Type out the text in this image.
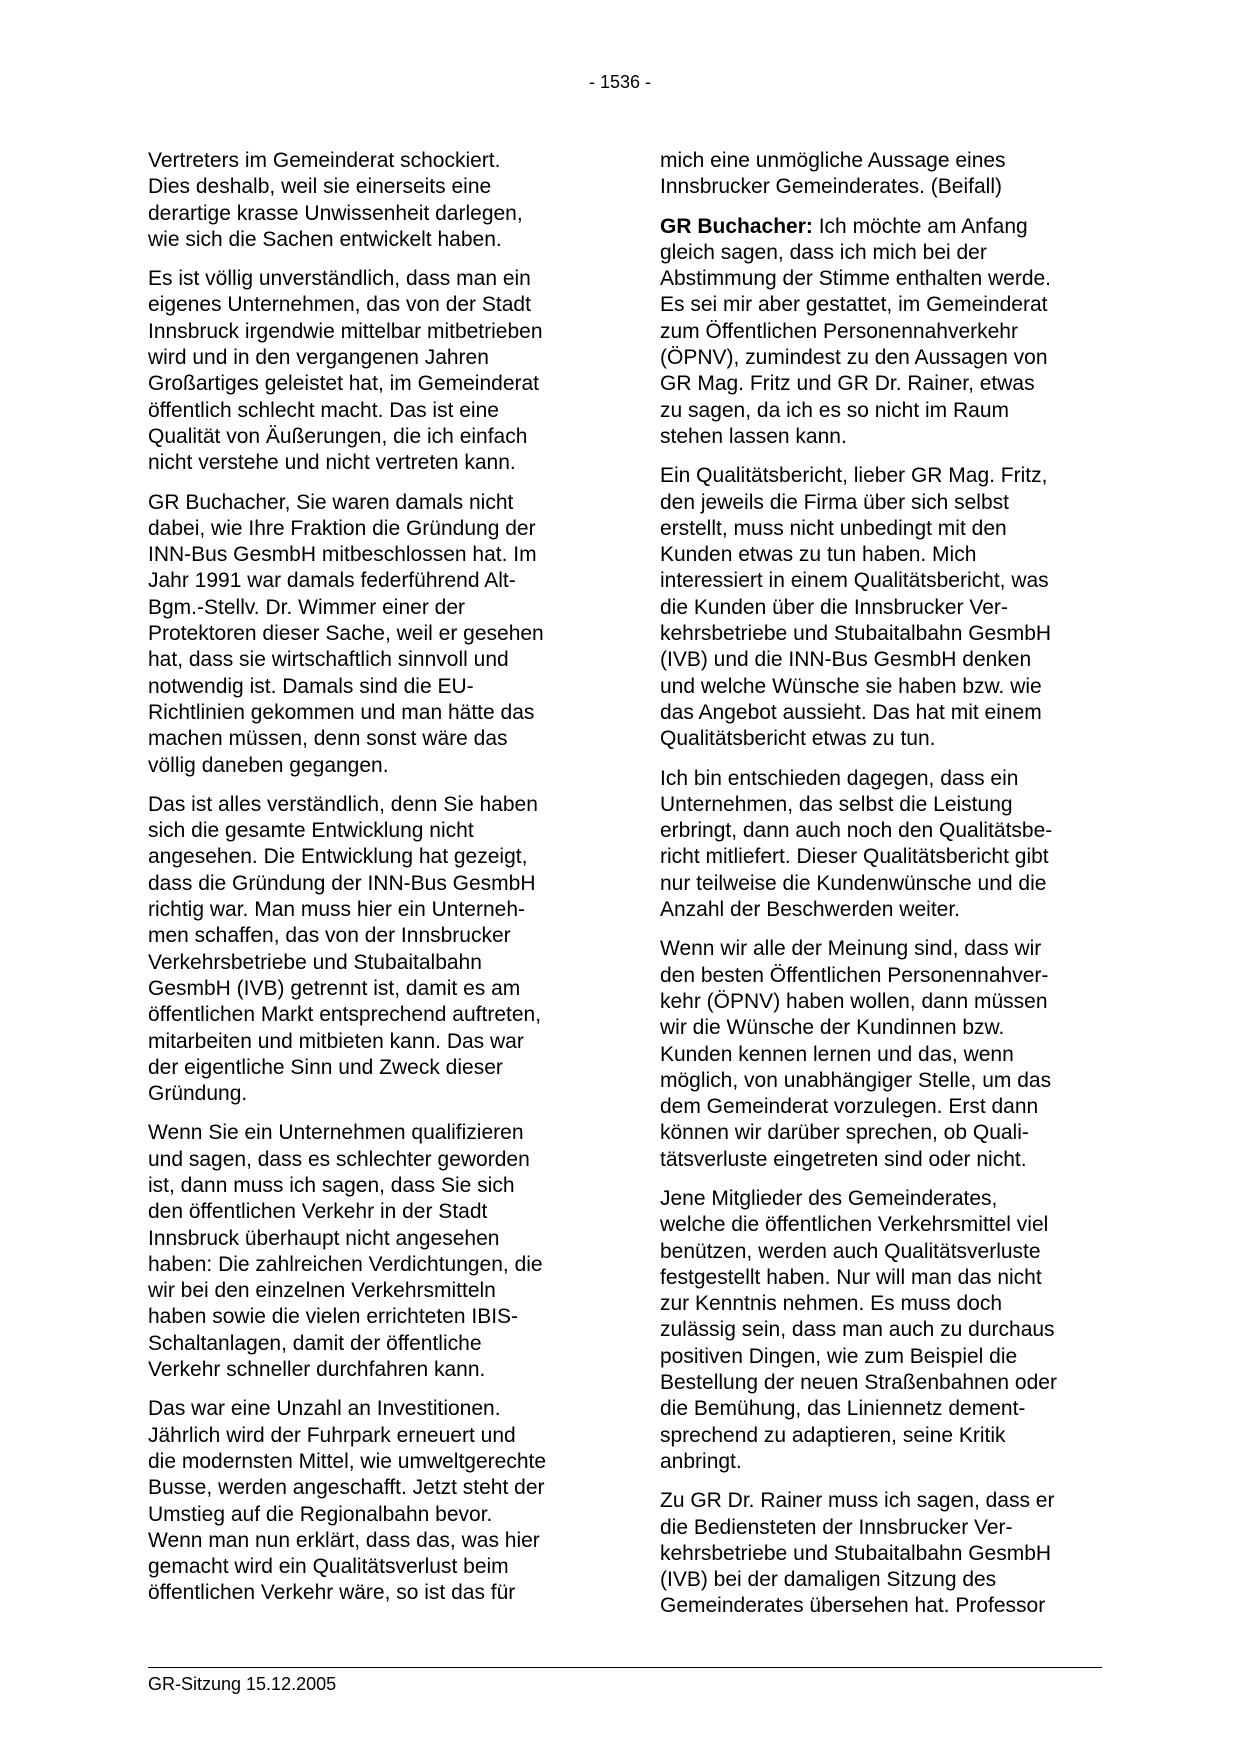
- 1536 -

Vertreters im Gemeinderat schockiert.
Dies deshalb, weil sie einerseits eine
derartige krasse Unwissenheit darlegen,
wie sich die Sachen entwickelt haben.

Es ist völlig unverständlich, dass man ein
eigenes Unternehmen, das von der Stadt
Innsbruck irgendwie mittelbar mitbetrieben
wird und in den vergangenen Jahren
Großartiges geleistet hat, im Gemeinderat
öffentlich schlecht macht. Das ist eine
Qualität von Äußerungen, die ich einfach
nicht verstehe und nicht vertreten kann.

GR Buchacher, Sie waren damals nicht
dabei, wie Ihre Fraktion die Gründung der
INN-Bus GesmbH mitbeschlossen hat. Im
Jahr 1991 war damals federführend Alt-
Bgm.-Stellv. Dr. Wimmer einer der
Protektoren dieser Sache, weil er gesehen
hat, dass sie wirtschaftlich sinnvoll und
notwendig ist. Damals sind die EU-
Richtlinien gekommen und man hätte das
machen müssen, denn sonst wäre das
völlig daneben gegangen.

Das ist alles verständlich, denn Sie haben
sich die gesamte Entwicklung nicht
angesehen. Die Entwicklung hat gezeigt,
dass die Gründung der INN-Bus GesmbH
richtig war. Man muss hier ein Unterneh-
men schaffen, das von der Innsbrucker
Verkehrsbetriebe und Stubaitalbahn
GesmbH (IVB) getrennt ist, damit es am
öffentlichen Markt entsprechend auftreten,
mitarbeiten und mitbieten kann. Das war
der eigentliche Sinn und Zweck dieser
Gründung.

Wenn Sie ein Unternehmen qualifizieren
und sagen, dass es schlechter geworden
ist, dann muss ich sagen, dass Sie sich
den öffentlichen Verkehr in der Stadt
Innsbruck überhaupt nicht angesehen
haben: Die zahlreichen Verdichtungen, die
wir bei den einzelnen Verkehrsmitteln
haben sowie die vielen errichteten IBIS-
Schaltanlagen, damit der öffentliche
Verkehr schneller durchfahren kann.

Das war eine Unzahl an Investitionen.
Jährlich wird der Fuhrpark erneuert und
die modernsten Mittel, wie umweltgerechte
Busse, werden angeschafft. Jetzt steht der
Umstieg auf die Regionalbahn bevor.
Wenn man nun erklärt, dass das, was hier
gemacht wird ein Qualitätsverlust beim
öffentlichen Verkehr wäre, so ist das für

mich eine unmögliche Aussage eines
Innsbrucker Gemeinderates. (Beifall)

GR Buchacher: Ich möchte am Anfang
gleich sagen, dass ich mich bei der
Abstimmung der Stimme enthalten werde.
Es sei mir aber gestattet, im Gemeinderat
zum Öffentlichen Personennahverkehr
(ÖPNV), zumindest zu den Aussagen von
GR Mag. Fritz und GR Dr. Rainer, etwas
zu sagen, da ich es so nicht im Raum
stehen lassen kann.

Ein Qualitätsbericht, lieber GR Mag. Fritz,
den jeweils die Firma über sich selbst
erstellt, muss nicht unbedingt mit den
Kunden etwas zu tun haben. Mich
interessiert in einem Qualitätsbericht, was
die Kunden über die Innsbrucker Ver-
kehrsbetriebe und Stubaitalbahn GesmbH
(IVB) und die INN-Bus GesmbH denken
und welche Wünsche sie haben bzw. wie
das Angebot aussieht. Das hat mit einem
Qualitätsbericht etwas zu tun.

Ich bin entschieden dagegen, dass ein
Unternehmen, das selbst die Leistung
erbringt, dann auch noch den Qualitätsbe-
richt mitliefert. Dieser Qualitätsbericht gibt
nur teilweise die Kundenwünsche und die
Anzahl der Beschwerden weiter.

Wenn wir alle der Meinung sind, dass wir
den besten Öffentlichen Personennahver-
kehr (ÖPNV) haben wollen, dann müssen
wir die Wünsche der Kundinnen bzw.
Kunden kennen lernen und das, wenn
möglich, von unabhängiger Stelle, um das
dem Gemeinderat vorzulegen. Erst dann
können wir darüber sprechen, ob Quali-
tätsverluste eingetreten sind oder nicht.

Jene Mitglieder des Gemeinderates,
welche die öffentlichen Verkehrsmittel viel
benützen, werden auch Qualitätsverluste
festgestellt haben. Nur will man das nicht
zur Kenntnis nehmen. Es muss doch
zulässig sein, dass man auch zu durchaus
positiven Dingen, wie zum Beispiel die
Bestellung der neuen Straßenbahnen oder
die Bemühung, das Liniennetz dement-
sprechend zu adaptieren, seine Kritik
anbringt.

Zu GR Dr. Rainer muss ich sagen, dass er
die Bediensteten der Innsbrucker Ver-
kehrsbetriebe und Stubaitalbahn GesmbH
(IVB) bei der damaligen Sitzung des
Gemeinderates übersehen hat. Professor

GR-Sitzung 15.12.2005
